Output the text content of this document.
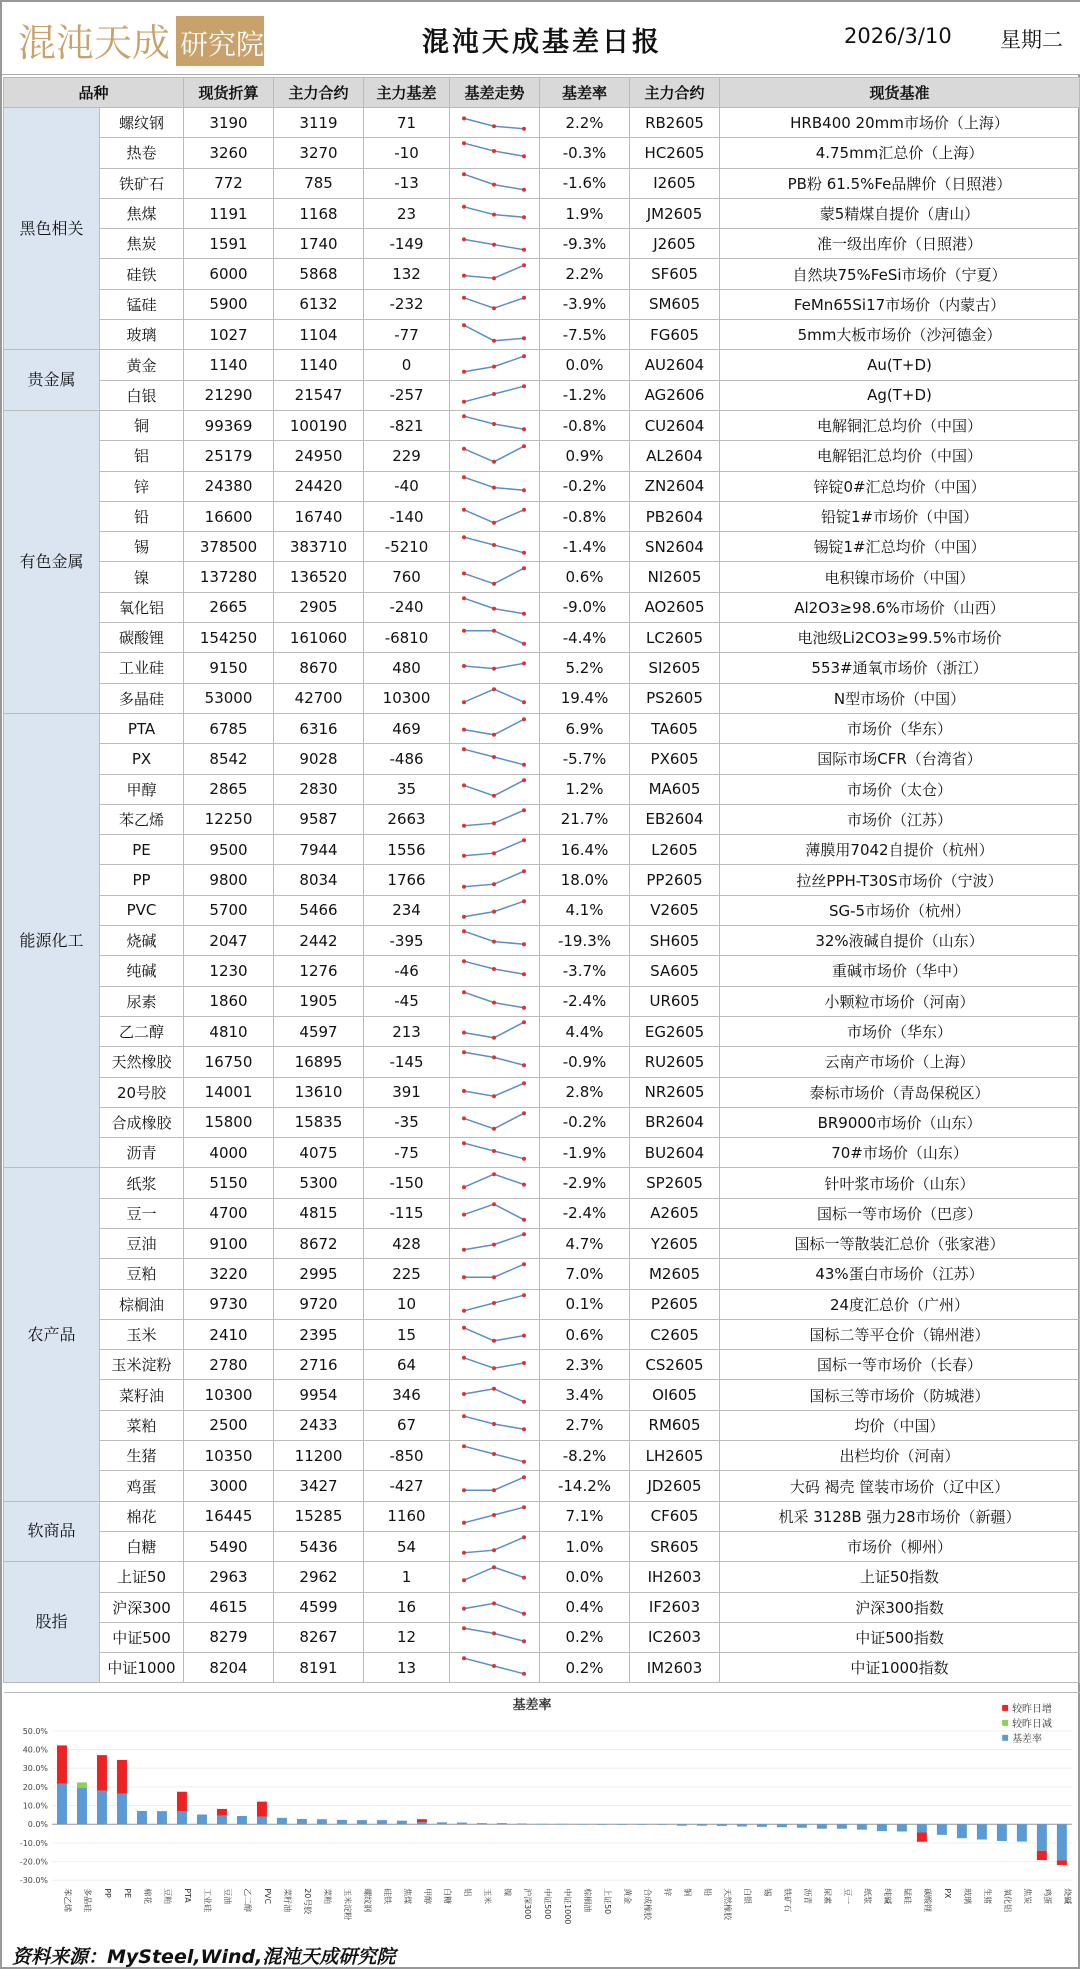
混沌天成 研究院	混沌天成基差日报	2026/3/10 星期二
品种		现货折算	主力合约	主力基差	基差走势	基差率	主力合约	现货基准
黑色相关	螺纹钢	3190	3119	71		2.2%	RB2605	HRB400 20mm市场价（上海）
	热卷	3260	3270	-10		-0.3%	HC2605	4.75mm汇总价（上海）
	铁矿石	772	785	-13		-1.6%	I2605	PB粉 61.5%Fe品牌价（日照港）
	焦煤	1191	1168	23		1.9%	JM2605	蒙5精煤自提价（唐山）
	焦炭	1591	1740	-149		-9.3%	J2605	准一级出库价（日照港）
	硅铁	6000	5868	132		2.2%	SF605	自然块75%FeSi市场价（宁夏）
	锰硅	5900	6132	-232		-3.9%	SM605	FeMn65Si17市场价（内蒙古）
	玻璃	1027	1104	-77		-7.5%	FG605	5mm大板市场价（沙河德金）
贵金属	黄金	1140	1140	0		0.0%	AU2604	Au(T+D)
	白银	21290	21547	-257		-1.2%	AG2606	Ag(T+D)
有色金属	铜	99369	100190	-821		-0.8%	CU2604	电解铜汇总均价（中国）
	铝	25179	24950	229		0.9%	AL2604	电解铝汇总均价（中国）
	锌	24380	24420	-40		-0.2%	ZN2604	锌锭0#汇总均价（中国）
	铅	16600	16740	-140		-0.8%	PB2604	铅锭1#市场价（中国）
	锡	378500	383710	-5210		-1.4%	SN2604	锡锭1#汇总均价（中国）
	镍	137280	136520	760		0.6%	NI2605	电积镍市场价（中国）
	氧化铝	2665	2905	-240		-9.0%	AO2605	Al2O3≥98.6%市场价（山西）
	碳酸锂	154250	161060	-6810		-4.4%	LC2605	电池级Li2CO3≥99.5%市场价
	工业硅	9150	8670	480		5.2%	SI2605	553#通氧市场价（浙江）
	多晶硅	53000	42700	10300		19.4%	PS2605	N型市场价（中国）
能源化工	PTA	6785	6316	469		6.9%	TA605	市场价（华东）
	PX	8542	9028	-486		-5.7%	PX605	国际市场CFR（台湾省）
	甲醇	2865	2830	35		1.2%	MA605	市场价（太仓）
	苯乙烯	12250	9587	2663		21.7%	EB2604	市场价（江苏）
	PE	9500	7944	1556		16.4%	L2605	薄膜用7042自提价（杭州）
	PP	9800	8034	1766		18.0%	PP2605	拉丝PPH-T30S市场价（宁波）
	PVC	5700	5466	234		4.1%	V2605	SG-5市场价（杭州）
	烧碱	2047	2442	-395		-19.3%	SH605	32%液碱自提价（山东）
	纯碱	1230	1276	-46		-3.7%	SA605	重碱市场价（华中）
	尿素	1860	1905	-45		-2.4%	UR605	小颗粒市场价（河南）
	乙二醇	4810	4597	213		4.4%	EG2605	市场价（华东）
	天然橡胶	16750	16895	-145		-0.9%	RU2605	云南产市场价（上海）
	20号胶	14001	13610	391		2.8%	NR2605	泰标市场价（青岛保税区）
	合成橡胶	15800	15835	-35		-0.2%	BR2604	BR9000市场价（山东）
	沥青	4000	4075	-75		-1.9%	BU2604	70#市场价（山东）
农产品	纸浆	5150	5300	-150		-2.9%	SP2605	针叶浆市场价（山东）
	豆一	4700	4815	-115		-2.4%	A2605	国标一等市场价（巴彦）
	豆油	9100	8672	428		4.7%	Y2605	国标一等散装汇总价（张家港）
	豆粕	3220	2995	225		7.0%	M2605	43%蛋白市场价（江苏）
	棕榈油	9730	9720	10		0.1%	P2605	24度汇总价（广州）
	玉米	2410	2395	15		0.6%	C2605	国标二等平仓价（锦州港）
	玉米淀粉	2780	2716	64		2.3%	CS2605	国标一等市场价（长春）
	菜籽油	10300	9954	346		3.4%	OI605	国标三等市场价（防城港）
	菜粕	2500	2433	67		2.7%	RM605	均价（中国）
	生猪	10350	11200	-850		-8.2%	LH2605	出栏均价（河南）
	鸡蛋	3000	3427	-427		-14.2%	JD2605	大码 褐壳 筐装市场价（辽中区）
软商品	棉花	16445	15285	1160		7.1%	CF605	机采 3128B 强力28市场价（新疆）
	白糖	5490	5436	54		1.0%	SR605	市场价（柳州）
股指	上证50	2963	2962	1		0.0%	IH2603	上证50指数
	沪深300	4615	4599	16		0.4%	IF2603	沪深300指数
	中证500	8279	8267	12		0.2%	IC2603	中证500指数
	中证1000	8204	8191	13		0.2%	IM2603	中证1000指数
基差率	较昨日增
较昨日减
基差率
50.0%
40.0%
30.0%
20.0%
10.0%
0.0%
-10.0%
-20.0%
-30.0%
苯乙烯 多晶硅 PP PE 棉花 豆粕 PTA 工业硅 豆油 乙二醇 PVC 菜籽油 20号胶 菜粕 玉米淀粉 螺纹钢 硅铁 焦煤 甲醇 白糖 铝 玉米 镍 沪深300 中证500 中证1000 棕榈油 上证50 黄金 合成橡胶 锌 铜 铅 天然橡胶 白银 锡 铁矿石 沥青 尿素 豆一 纸浆 纯碱 锰硅 碳酸锂 PX 玻璃 生猪 氧化铝 焦炭 鸡蛋 烧碱
资料来源：MySteel,Wind,混沌天成研究院
